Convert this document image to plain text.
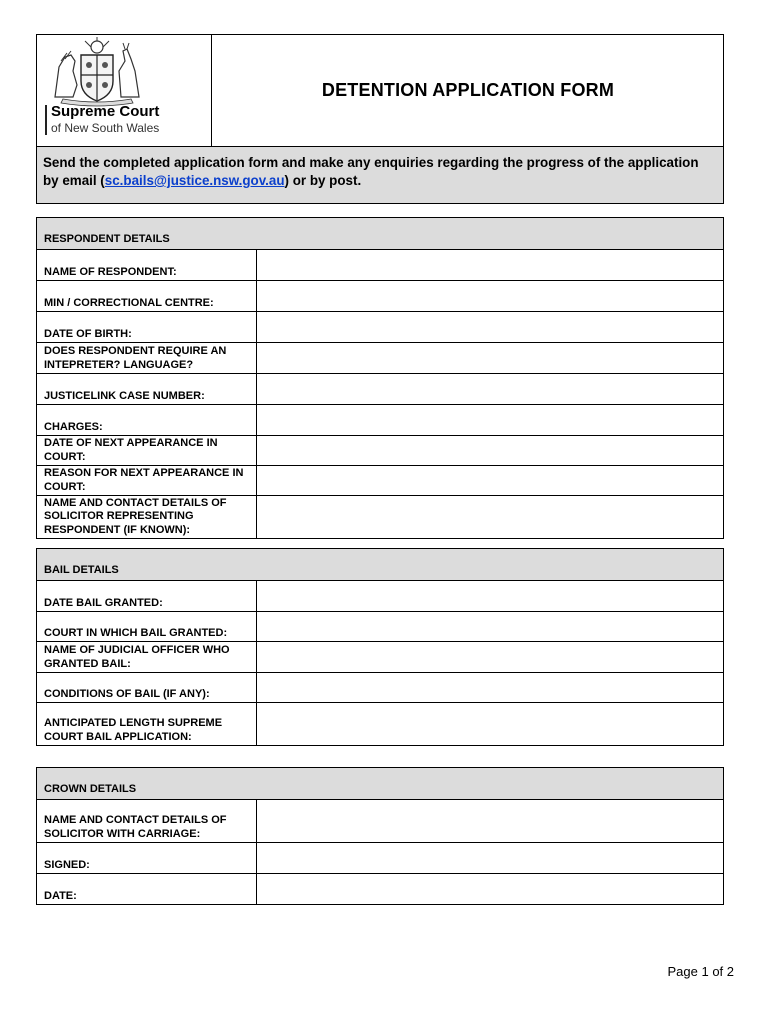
Supreme Court
of New South Wales
DETENTION APPLICATION FORM
Send the completed application form and make any enquiries regarding the progress of the application by email (sc.bails@justice.nsw.gov.au) or by post.
RESPONDENT DETAILS
NAME OF RESPONDENT:
MIN / CORRECTIONAL CENTRE:
DATE OF BIRTH:
DOES RESPONDENT REQUIRE AN INTEPRETER? LANGUAGE?
JUSTICELINK CASE NUMBER:
CHARGES:
DATE OF NEXT APPEARANCE IN COURT:
REASON FOR NEXT APPEARANCE IN COURT:
NAME AND CONTACT DETAILS OF SOLICITOR REPRESENTING RESPONDENT (IF KNOWN):
BAIL DETAILS
DATE BAIL GRANTED:
COURT IN WHICH BAIL GRANTED:
NAME OF JUDICIAL OFFICER WHO GRANTED BAIL:
CONDITIONS OF BAIL (IF ANY):
ANTICIPATED LENGTH SUPREME COURT BAIL APPLICATION:
CROWN DETAILS
NAME AND CONTACT DETAILS OF SOLICITOR WITH CARRIAGE:
SIGNED:
DATE:
Page 1 of 2
